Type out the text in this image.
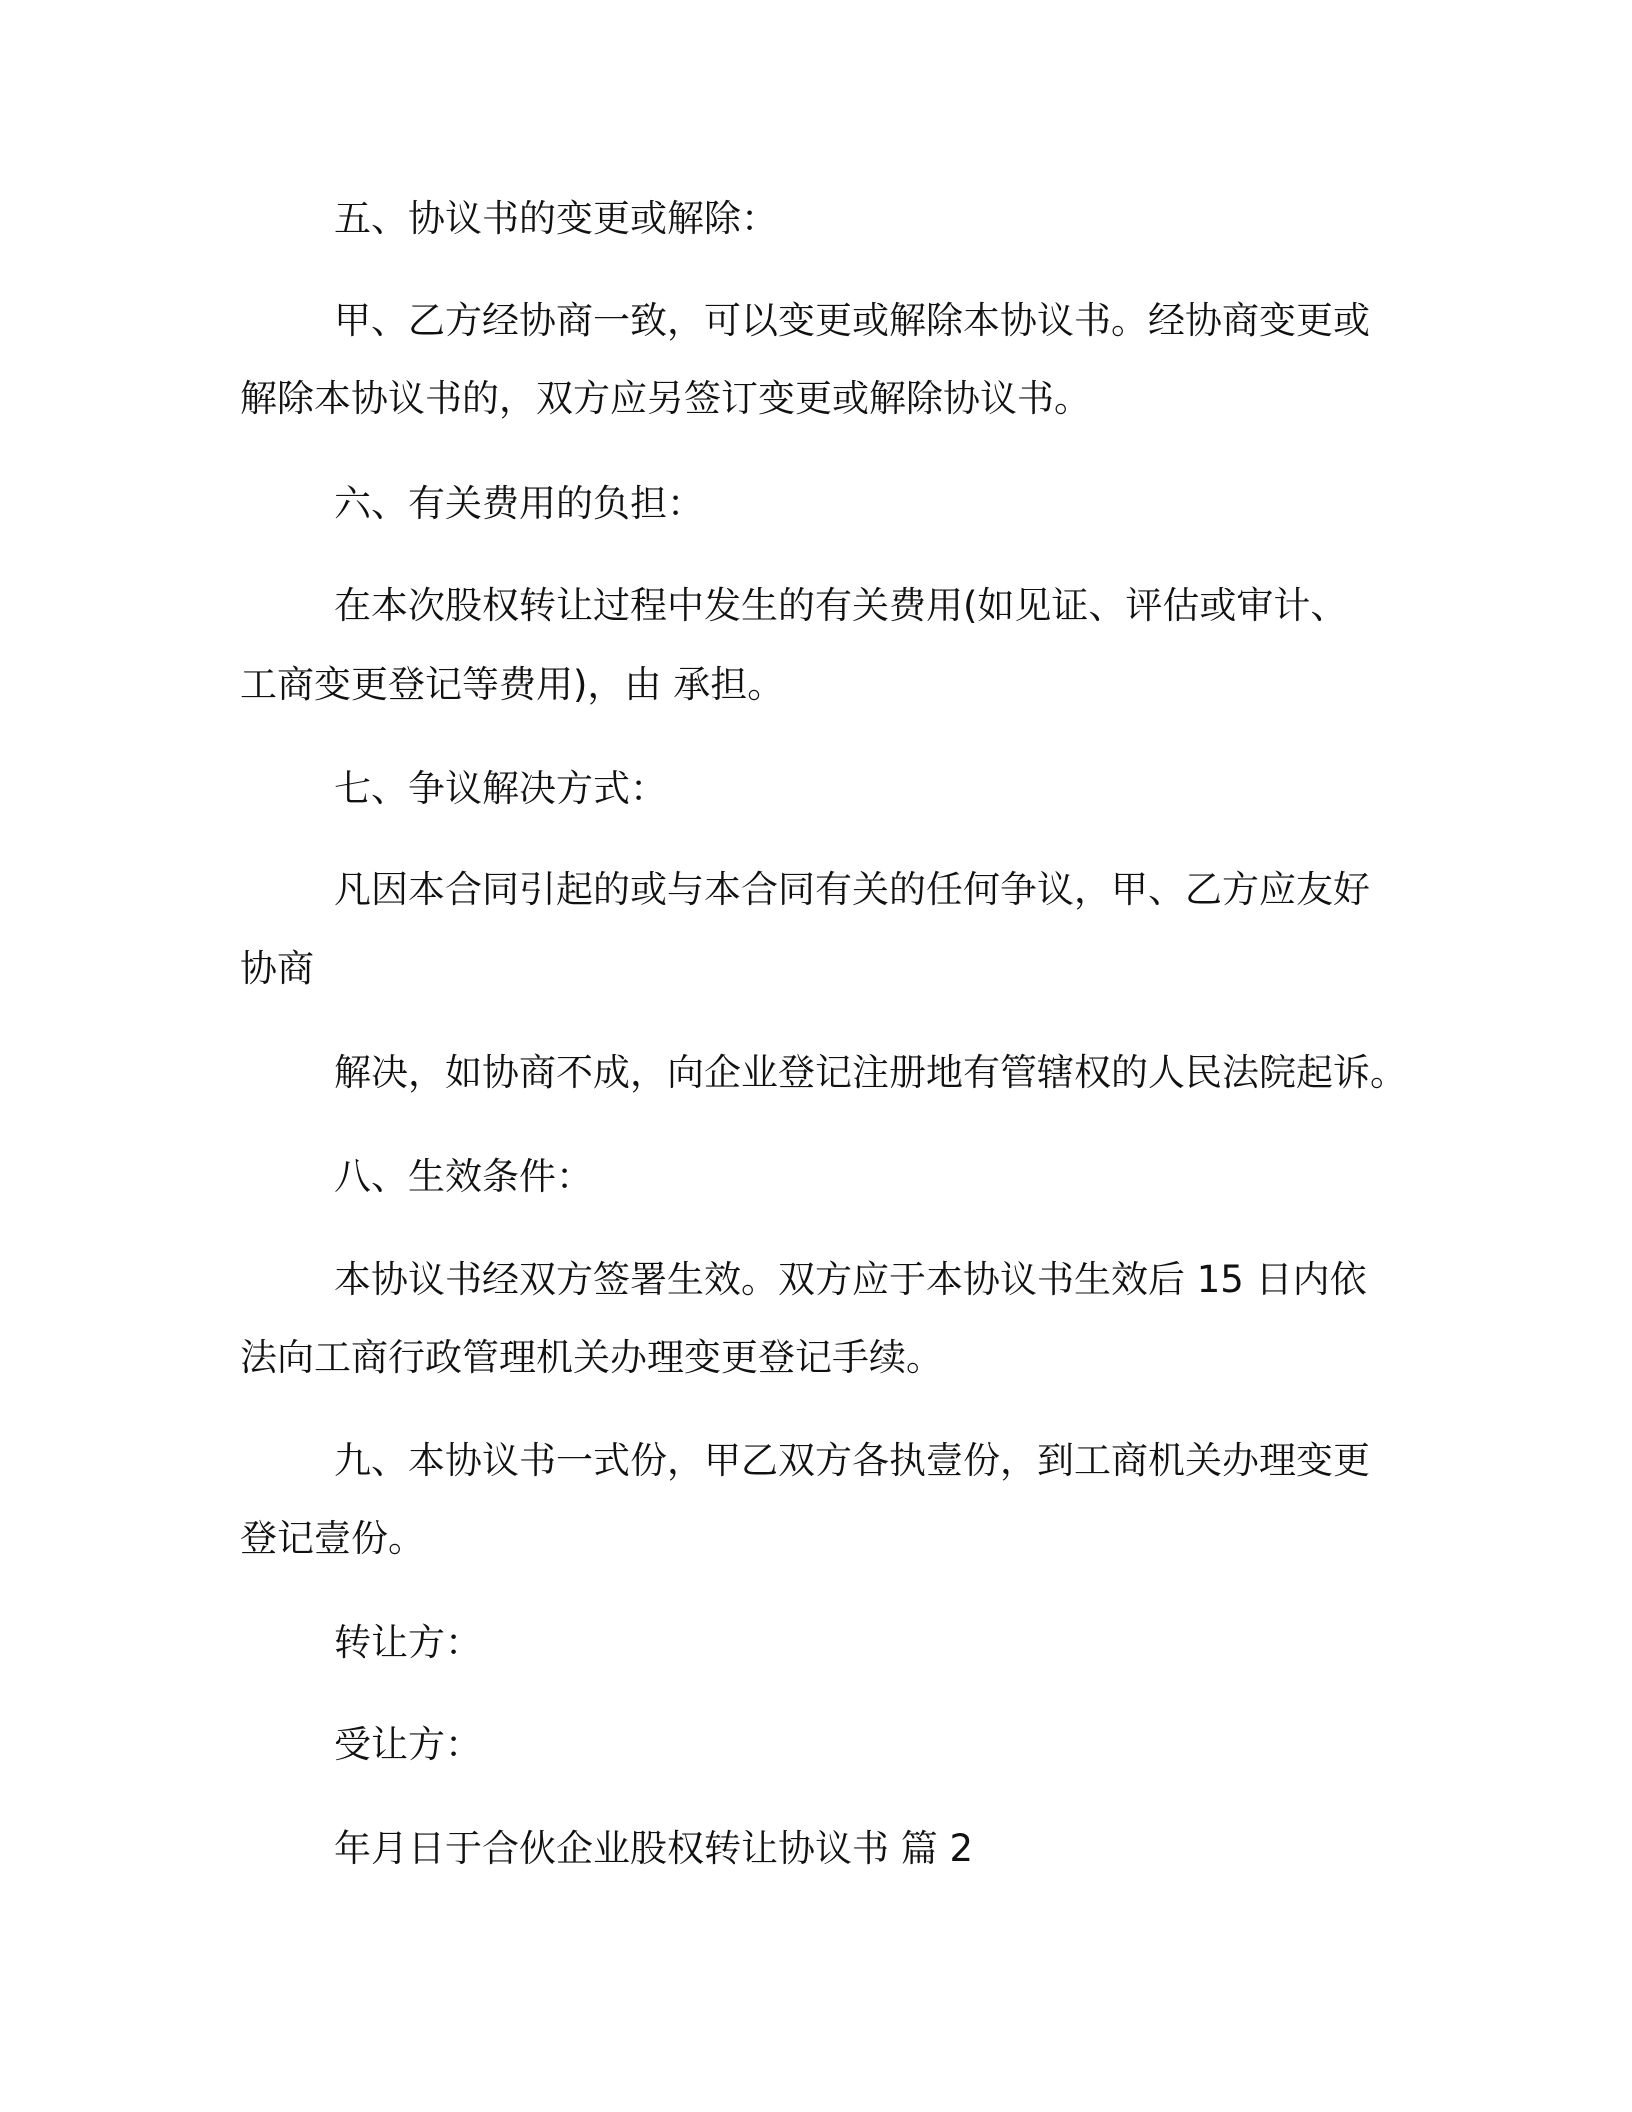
五、协议书的变更或解除：
甲、乙方经协商一致，可以变更或解除本协议书。经协商变更或
解除本协议书的，双方应另签订变更或解除协议书。
六、有关费用的负担：
在本次股权转让过程中发生的有关费用(如见证、评估或审计、
工商变更登记等费用)，由 承担。
七、争议解决方式：
凡因本合同引起的或与本合同有关的任何争议，甲、乙方应友好
协商
解决，如协商不成，向企业登记注册地有管辖权的人民法院起诉。
八、生效条件：
本协议书经双方签署生效。双方应于本协议书生效后 15 日内依
法向工商行政管理机关办理变更登记手续。
九、本协议书一式份，甲乙双方各执壹份，到工商机关办理变更
登记壹份。
转让方：
受让方：
年月日于合伙企业股权转让协议书 篇 2
